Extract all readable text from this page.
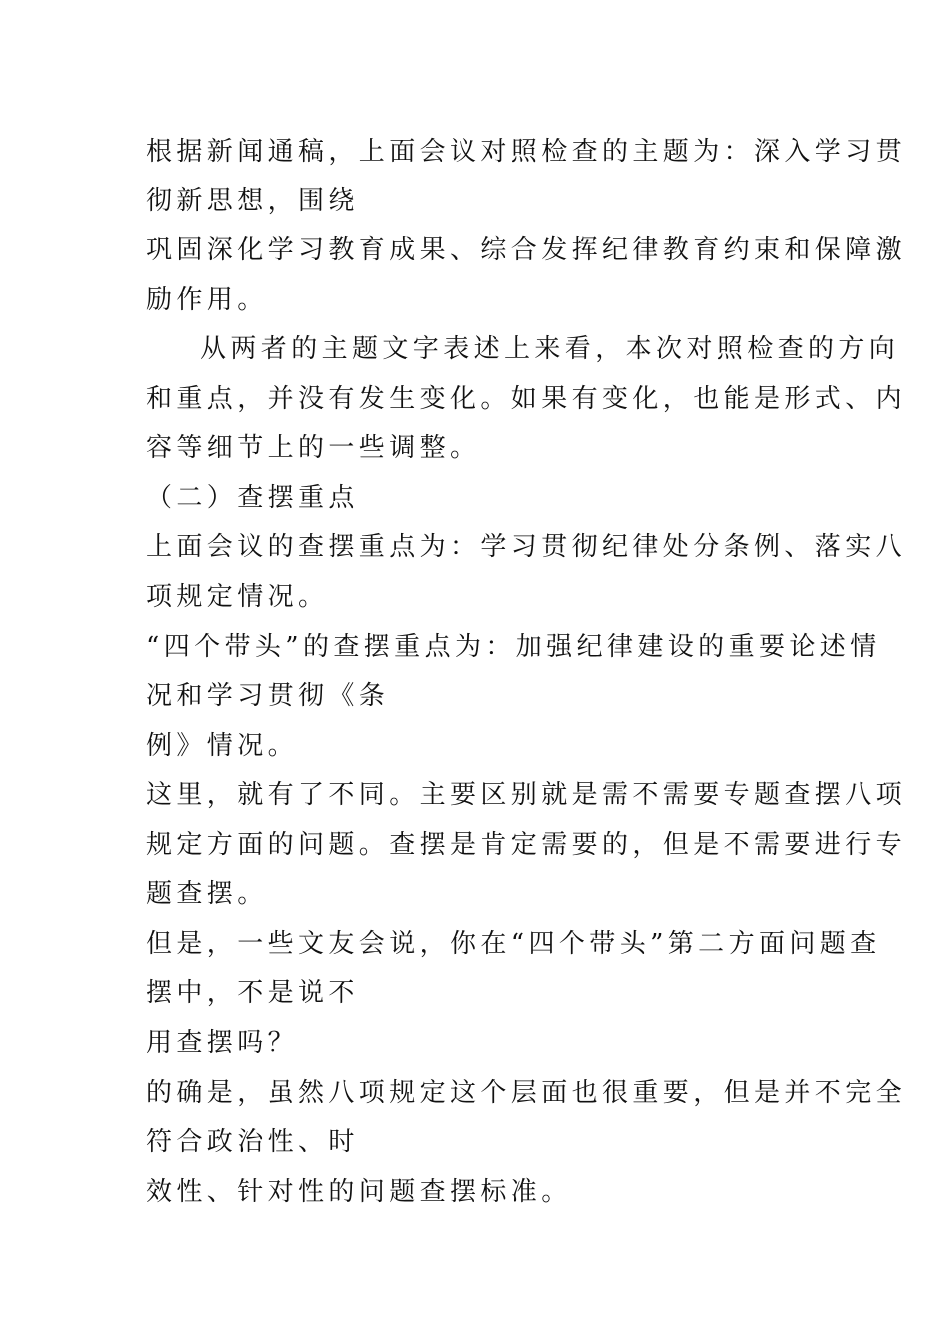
根据新闻通稿，上面会议对照检查的主题为：深入学习贯
彻新思想，围绕
巩固深化学习教育成果、综合发挥纪律教育约束和保障激
励作用。
从两者的主题文字表述上来看，本次对照检查的方向
和重点，并没有发生变化。如果有变化，也能是形式、内
容等细节上的一些调整。
（二）查摆重点
上面会议的查摆重点为：学习贯彻纪律处分条例、落实八
项规定情况。
“四个带头”的查摆重点为：加强纪律建设的重要论述情
况和学习贯彻《条
例》情况。
这里，就有了不同。主要区别就是需不需要专题查摆八项
规定方面的问题。查摆是肯定需要的，但是不需要进行专
题查摆。
但是，一些文友会说，你在“四个带头”第二方面问题查
摆中，不是说不
用查摆吗？
的确是，虽然八项规定这个层面也很重要，但是并不完全
符合政治性、时
效性、针对性的问题查摆标准。
